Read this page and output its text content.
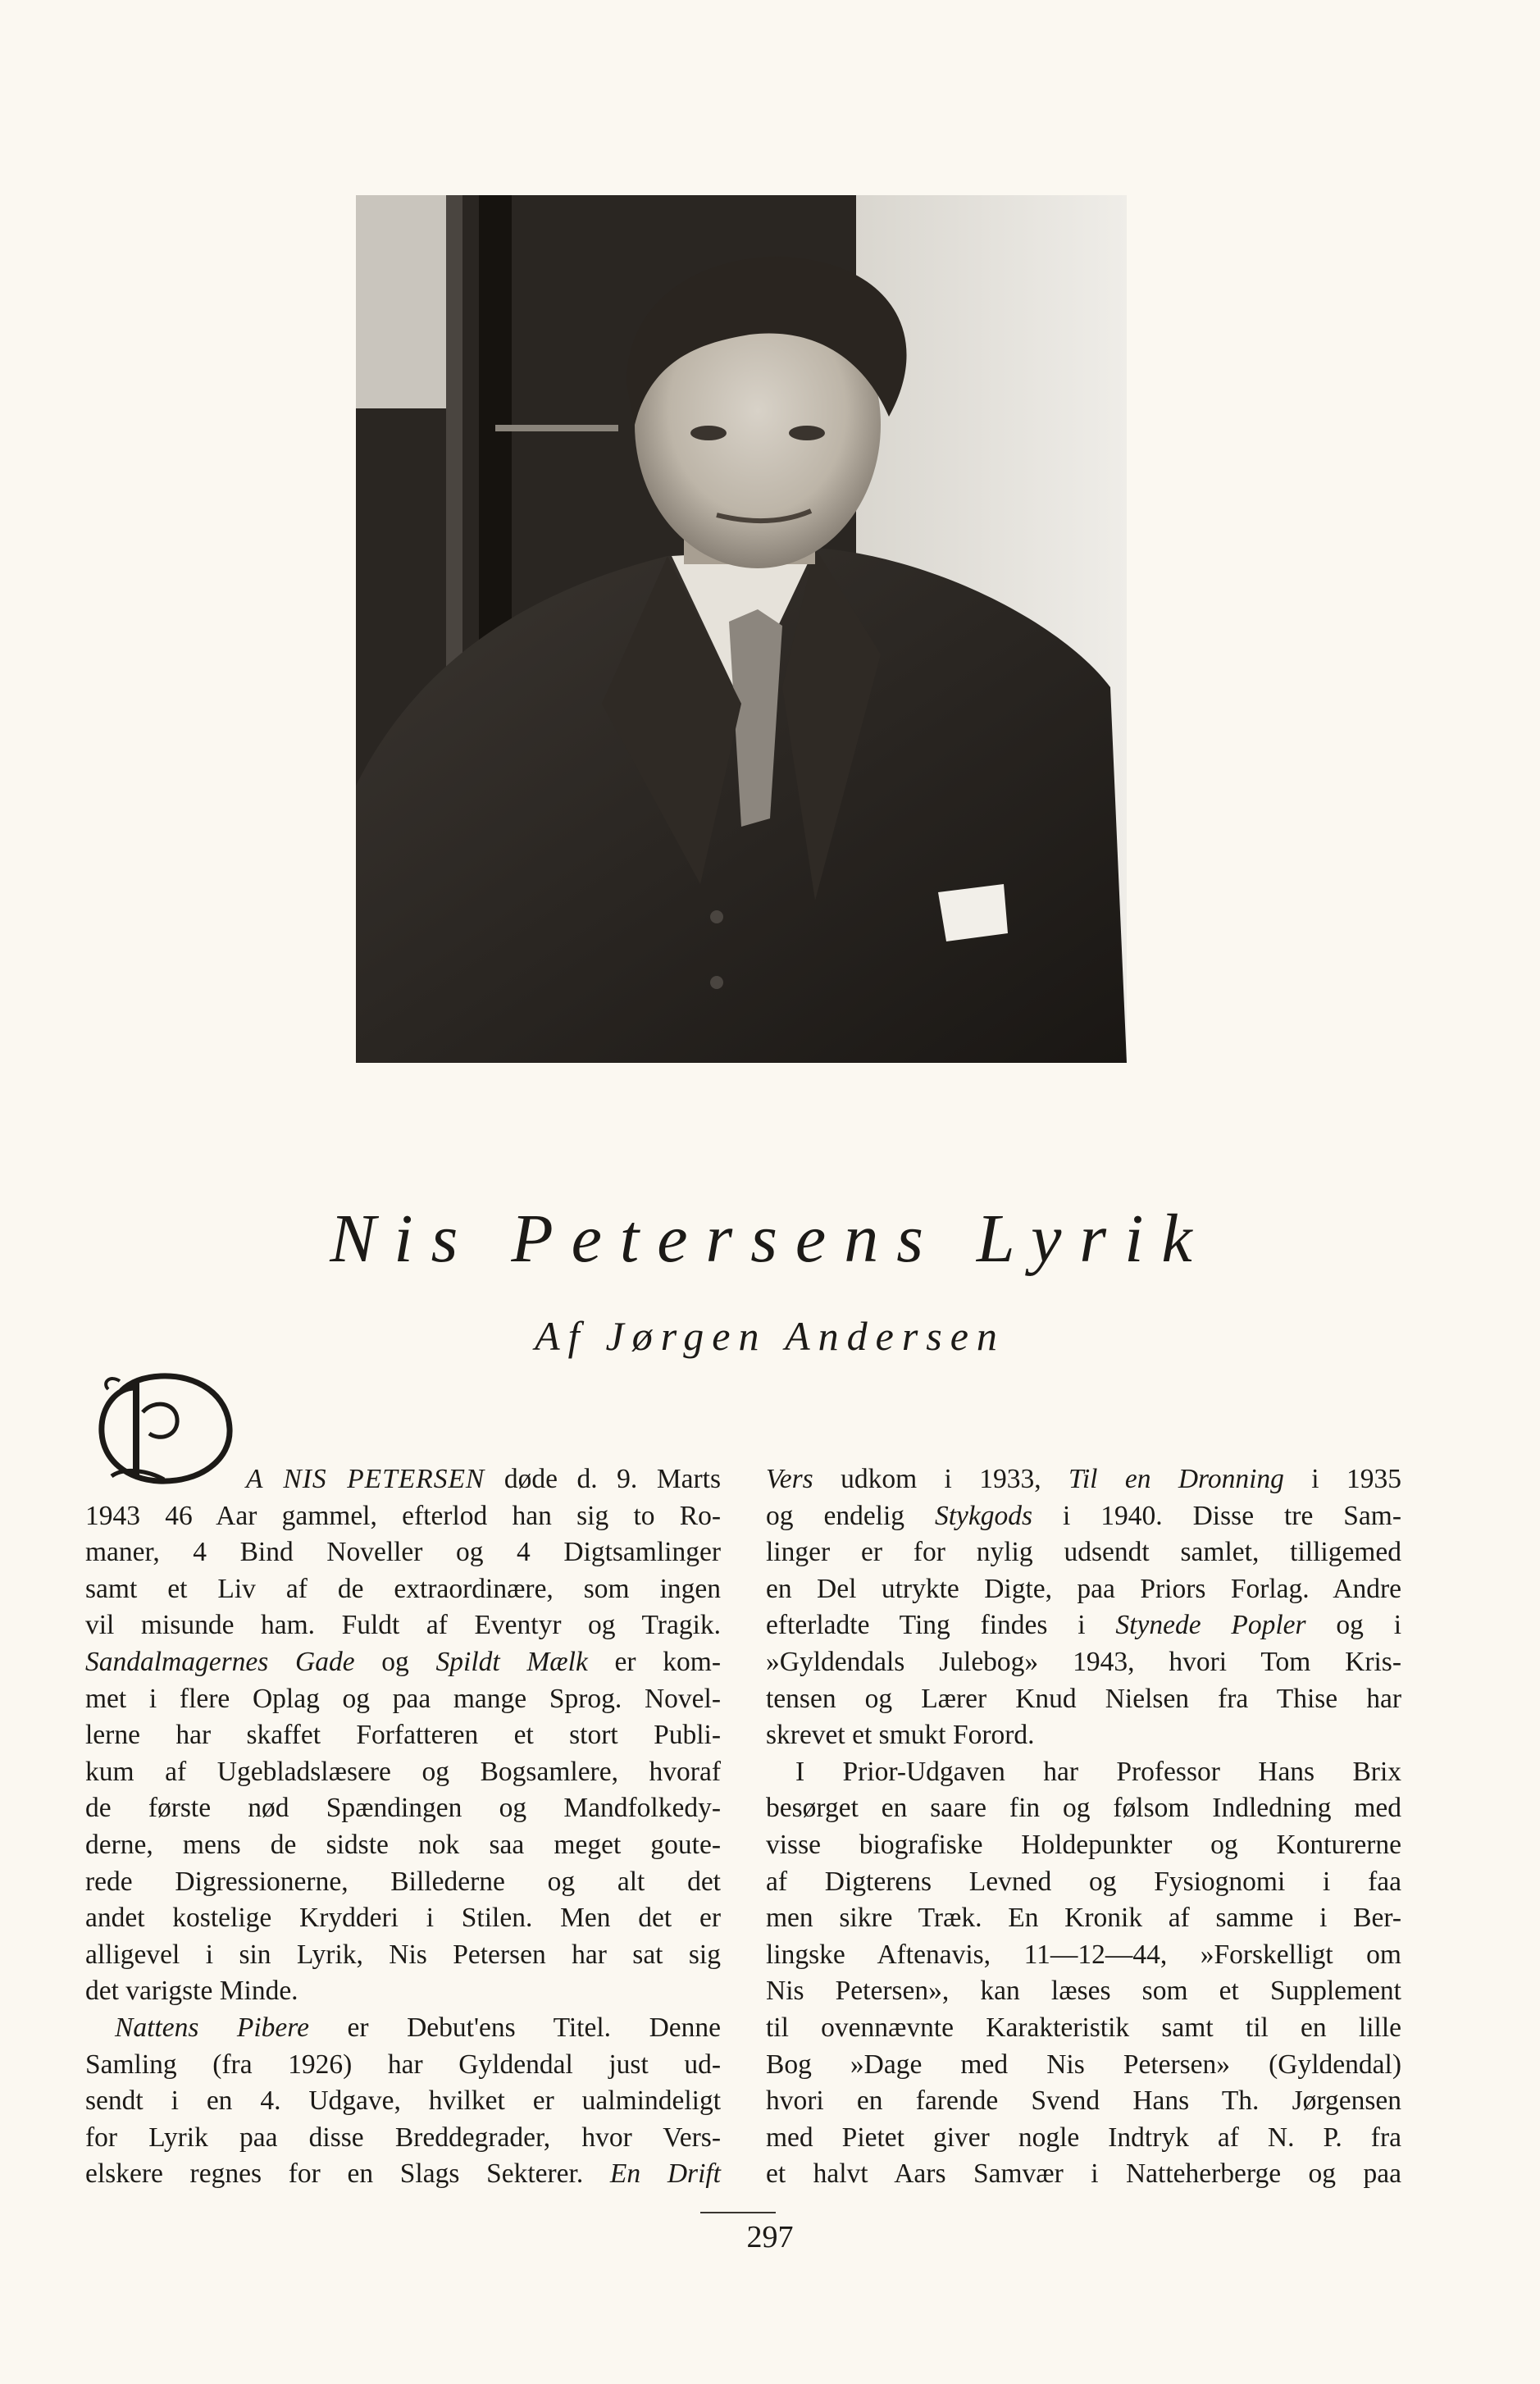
Nis Petersens Lyrik
Af Jørgen Andersen
A NIS PETERSEN døde d. 9. Marts
1943 46 Aar gammel, efterlod han sig to Ro-
maner, 4 Bind Noveller og 4 Digtsamlinger
samt et Liv af de extraordinære, som ingen
vil misunde ham. Fuldt af Eventyr og Tragik.
Sandalmagernes Gade og Spildt Mælk er kom-
met i flere Oplag og paa mange Sprog. Novel-
lerne har skaffet Forfatteren et stort Publi-
kum af Ugebladslæsere og Bogsamlere, hvoraf
de første nød Spændingen og Mandfolkedy-
derne, mens de sidste nok saa meget goute-
rede Digressionerne, Billederne og alt det
andet kostelige Krydderi i Stilen. Men det er
alligevel i sin Lyrik, Nis Petersen har sat sig
det varigste Minde.
Nattens Pibere er Debut'ens Titel. Denne
Samling (fra 1926) har Gyldendal just ud-
sendt i en 4. Udgave, hvilket er ualmindeligt
for Lyrik paa disse Breddegrader, hvor Vers-
elskere regnes for en Slags Sekterer. En Drift
Vers udkom i 1933, Til en Dronning i 1935
og endelig Stykgods i 1940. Disse tre Sam-
linger er for nylig udsendt samlet, tilligemed
en Del utrykte Digte, paa Priors Forlag. Andre
efterladte Ting findes i Stynede Popler og i
»Gyldendals Julebog» 1943, hvori Tom Kris-
tensen og Lærer Knud Nielsen fra Thise har
skrevet et smukt Forord.
I Prior-Udgaven har Professor Hans Brix
besørget en saare fin og følsom Indledning med
visse biografiske Holdepunkter og Konturerne
af Digterens Levned og Fysiognomi i faa
men sikre Træk. En Kronik af samme i Ber-
lingske Aftenavis, 11—12—44, »Forskelligt om
Nis Petersen», kan læses som et Supplement
til ovennævnte Karakteristik samt til en lille
Bog »Dage med Nis Petersen» (Gyldendal)
hvori en farende Svend Hans Th. Jørgensen
med Pietet giver nogle Indtryk af N. P. fra
et halvt Aars Samvær i Natteherberge og paa
297
